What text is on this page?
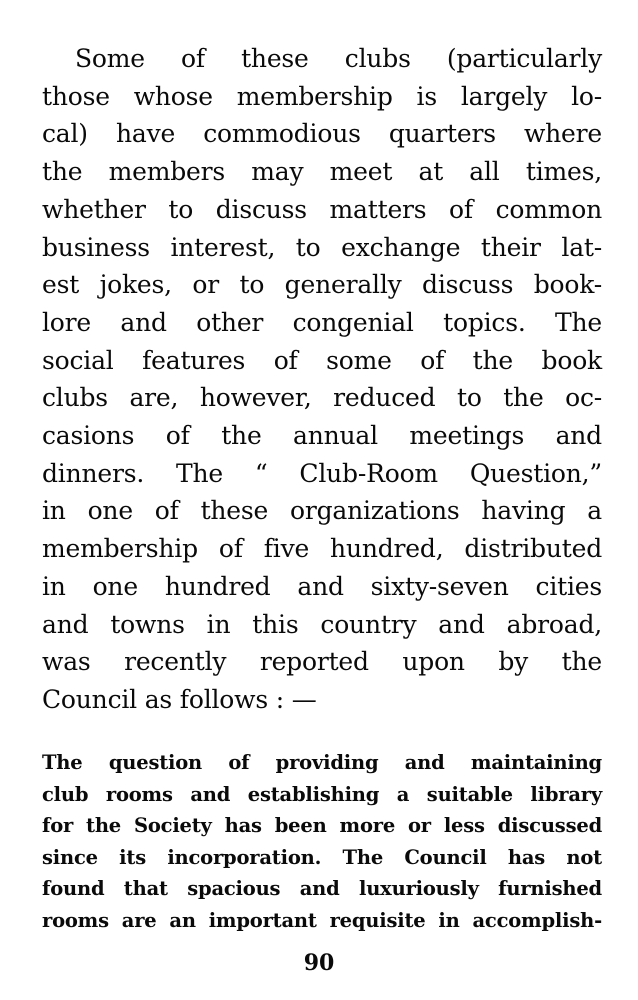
Some of these clubs (particularly
those whose membership is largely lo-
cal) have commodious quarters where
the members may meet at all times,
whether to discuss matters of common
business interest, to exchange their lat-
est jokes, or to generally discuss book-
lore and other congenial topics. The
social features of some of the book
clubs are, however, reduced to the oc-
casions of the annual meetings and
dinners. The “ Club-Room Question,”
in one of these organizations having a
membership of five hundred, distributed
in one hundred and sixty-seven cities
and towns in this country and abroad,
was recently reported upon by the
Council as follows : —
The question of providing and maintaining
club rooms and establishing a suitable library
for the Society has been more or less discussed
since its incorporation. The Council has not
found that spacious and luxuriously furnished
rooms are an important requisite in accomplish-
90
